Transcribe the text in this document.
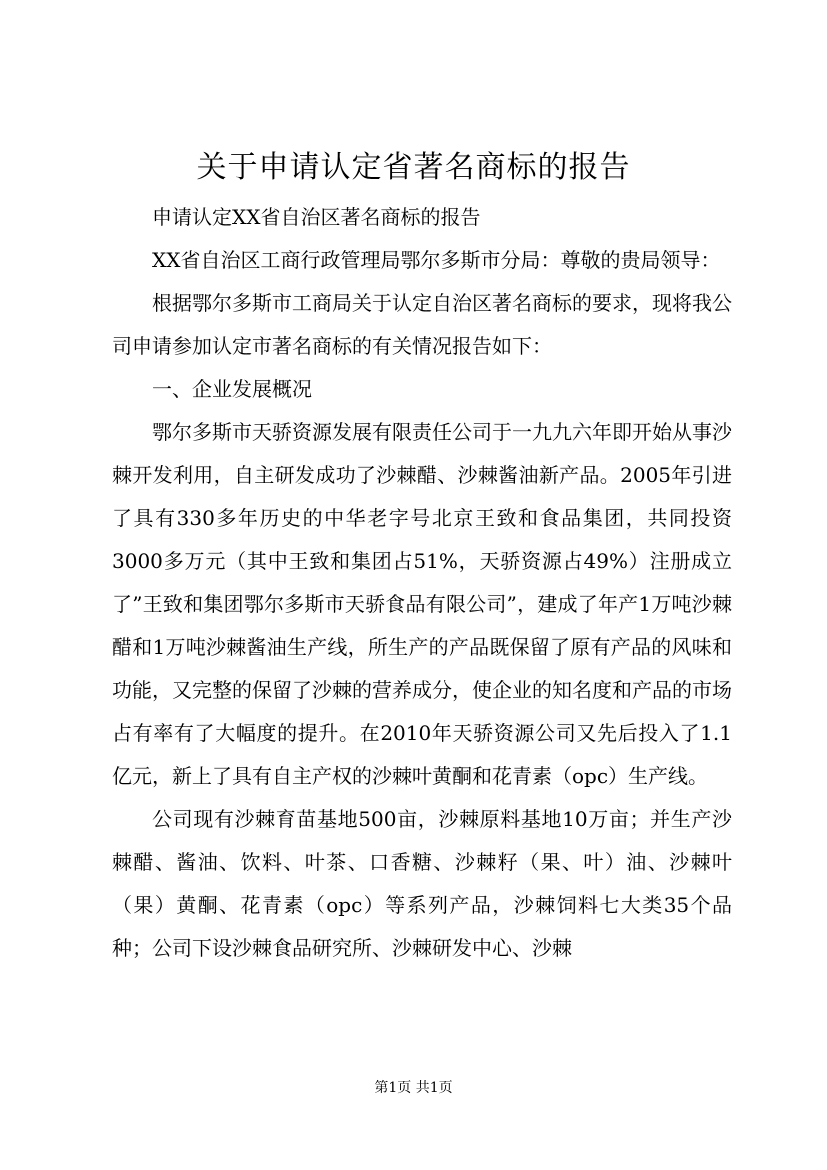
关于申请认定省著名商标的报告

申请认定XX省自治区著名商标的报告

XX省自治区工商行政管理局鄂尔多斯市分局：尊敬的贵局领导：

根据鄂尔多斯市工商局关于认定自治区著名商标的要求，现将我公司申请参加认定市著名商标的有关情况报告如下：

一、企业发展概况

鄂尔多斯市天骄资源发展有限责任公司于一九九六年即开始从事沙棘开发利用，自主研发成功了沙棘醋、沙棘酱油新产品。2005年引进了具有330多年历史的中华老字号北京王致和食品集团，共同投资3000多万元（其中王致和集团占51%，天骄资源占49%）注册成立了”王致和集团鄂尔多斯市天骄食品有限公司”，建成了年产1万吨沙棘醋和1万吨沙棘酱油生产线，所生产的产品既保留了原有产品的风味和功能，又完整的保留了沙棘的营养成分，使企业的知名度和产品的市场占有率有了大幅度的提升。在2010年天骄资源公司又先后投入了1.1亿元，新上了具有自主产权的沙棘叶黄酮和花青素（opc）生产线。

公司现有沙棘育苗基地500亩，沙棘原料基地10万亩；并生产沙棘醋、酱油、饮料、叶茶、口香糖、沙棘籽（果、叶）油、沙棘叶（果）黄酮、花青素（opc）等系列产品，沙棘饲料七大类35个品种；公司下设沙棘食品研究所、沙棘研发中心、沙棘

第1页 共1页
